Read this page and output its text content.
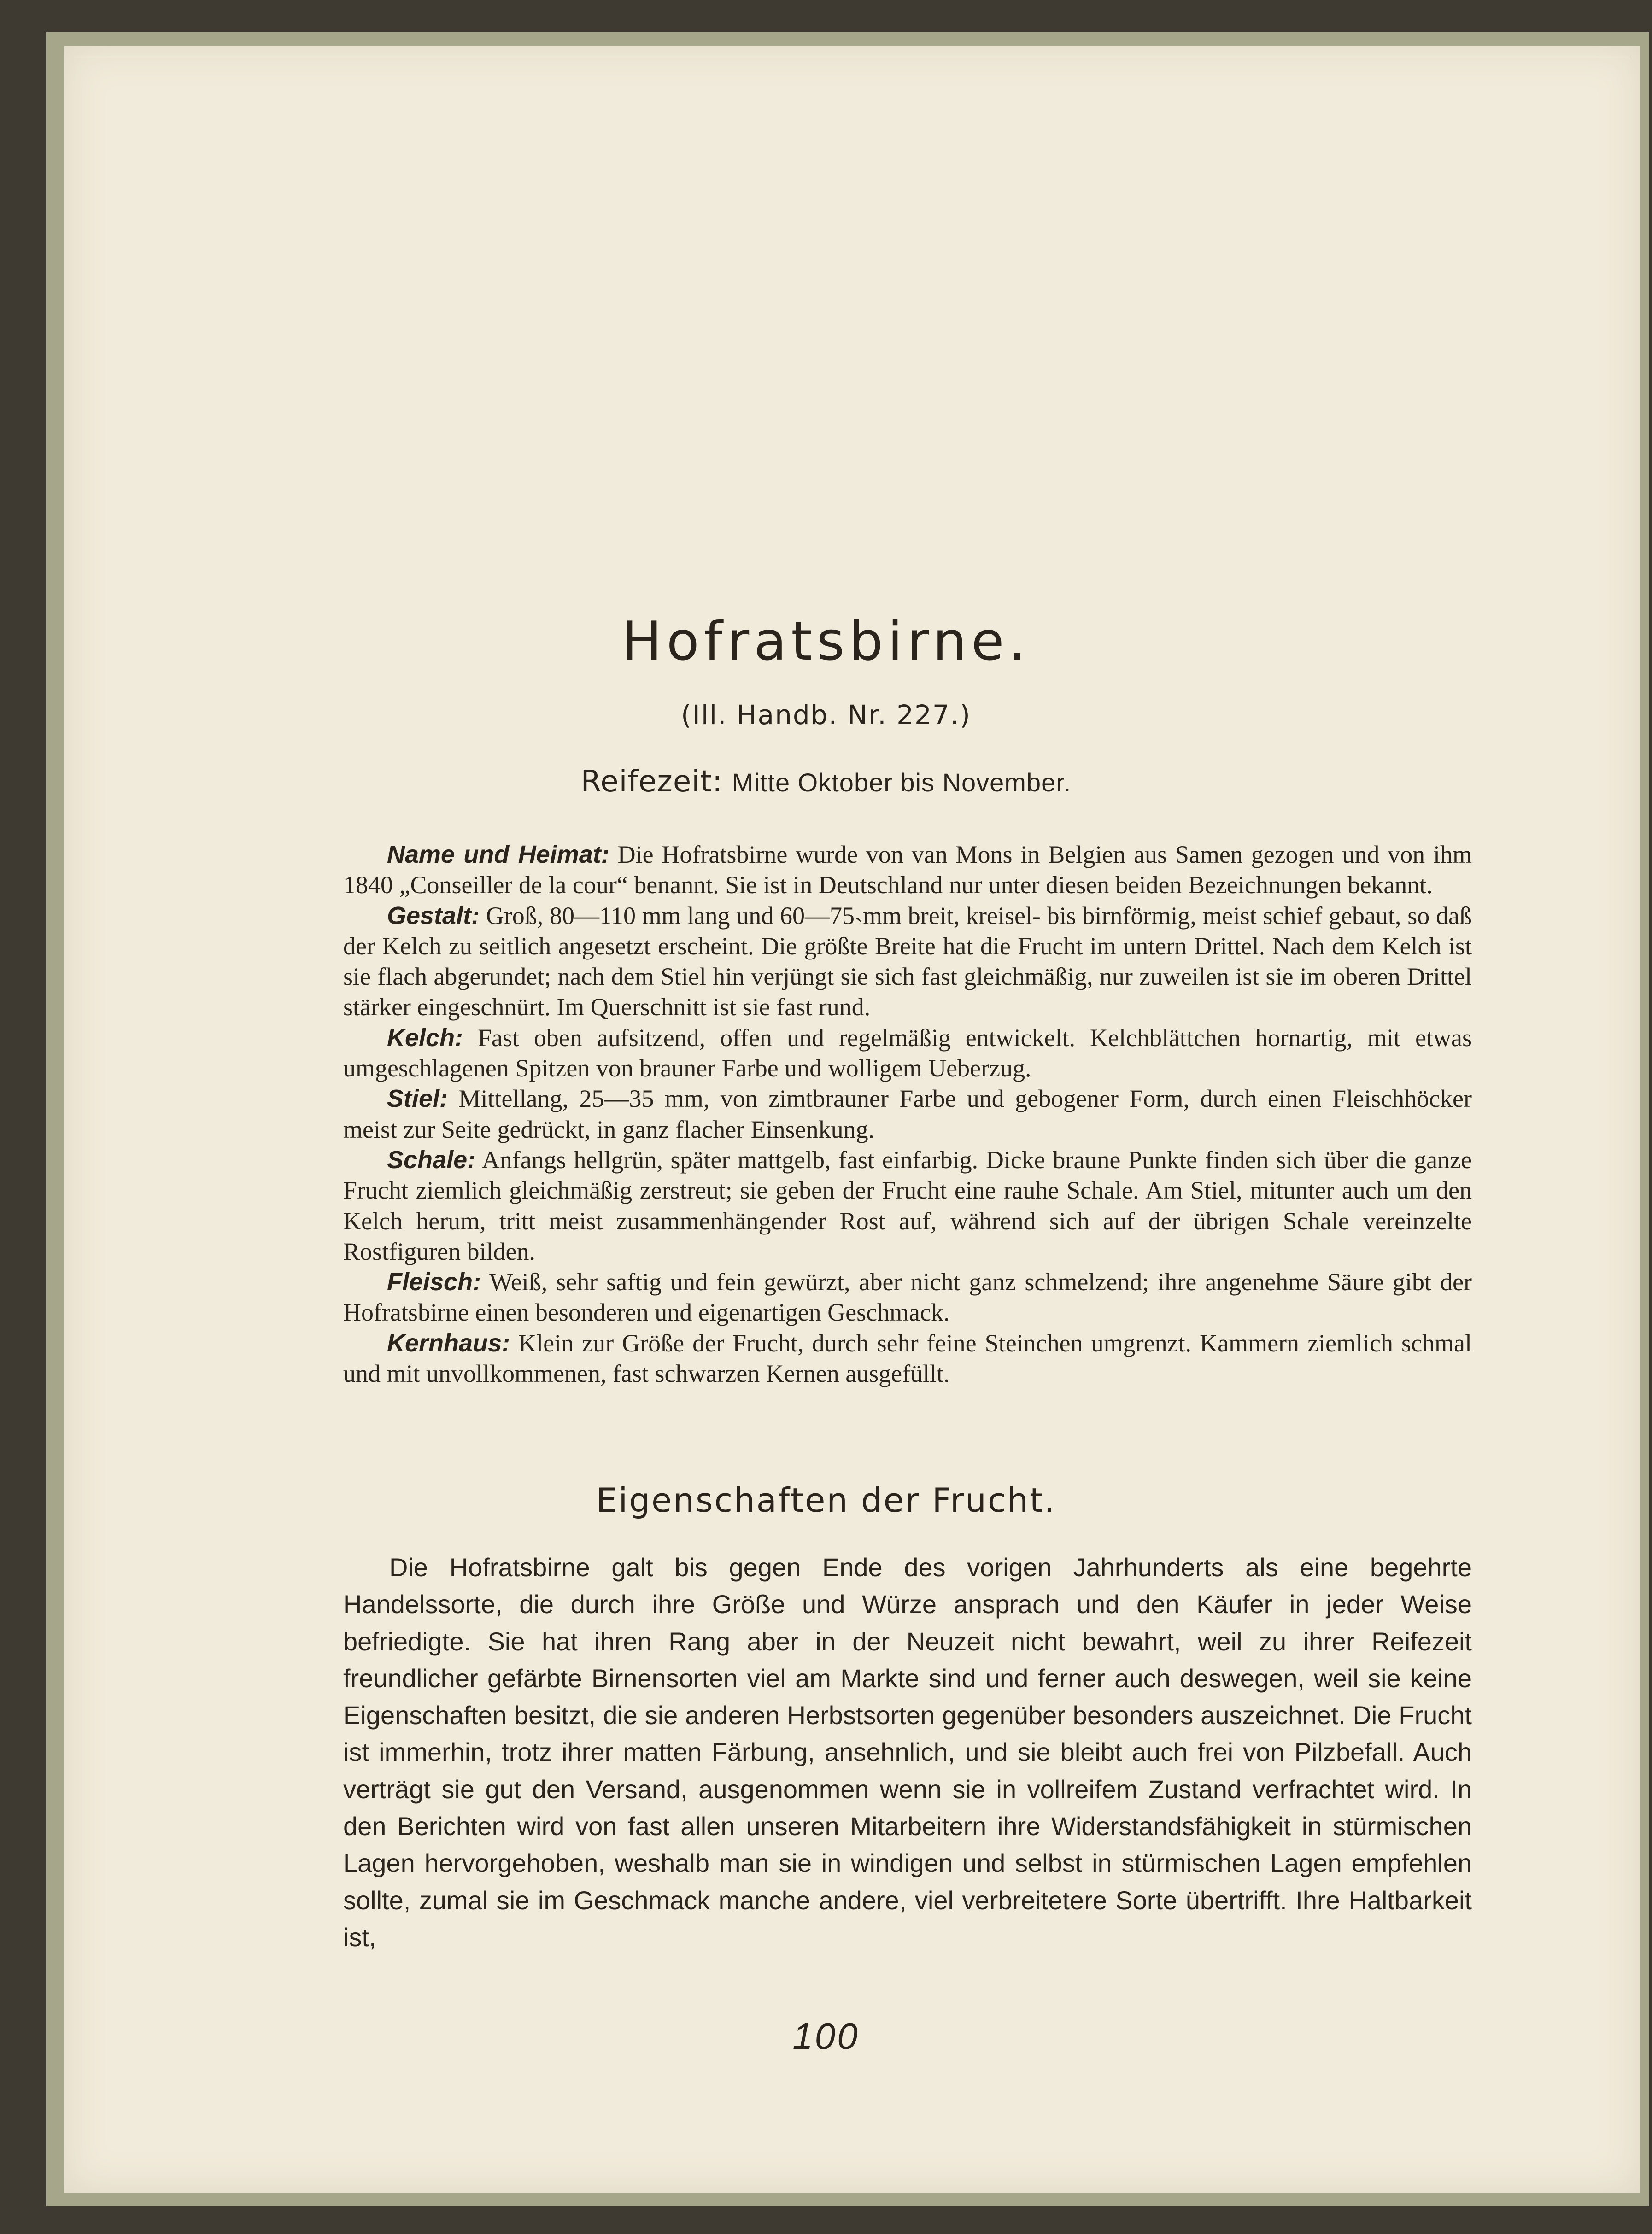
Hofratsbirne.
(Ill. Handb. Nr. 227.)
Reifezeit: Mitte Oktober bis November.

Name und Heimat: Die Hofratsbirne wurde von van Mons in Belgien aus Samen gezogen und von ihm 1840 „Conseiller de la cour“ benannt. Sie ist in Deutschland nur unter diesen beiden Bezeichnungen bekannt.

Gestalt: Groß, 80—110 mm lang und 60—75˴mm breit, kreisel- bis birnförmig, meist schief gebaut, so daß der Kelch zu seitlich angesetzt erscheint. Die größte Breite hat die Frucht im untern Drittel. Nach dem Kelch ist sie flach abgerundet; nach dem Stiel hin verjüngt sie sich fast gleichmäßig, nur zuweilen ist sie im oberen Drittel stärker eingeschnürt. Im Querschnitt ist sie fast rund.

Kelch: Fast oben aufsitzend, offen und regelmäßig entwickelt. Kelchblättchen hornartig, mit etwas umgeschlagenen Spitzen von brauner Farbe und wolligem Ueberzug.

Stiel: Mittellang, 25—35 mm, von zimtbrauner Farbe und gebogener Form, durch einen Fleischhöcker meist zur Seite gedrückt, in ganz flacher Einsenkung.

Schale: Anfangs hellgrün, später mattgelb, fast einfarbig. Dicke braune Punkte finden sich über die ganze Frucht ziemlich gleichmäßig zerstreut; sie geben der Frucht eine rauhe Schale. Am Stiel, mitunter auch um den Kelch herum, tritt meist zusammenhängender Rost auf, während sich auf der übrigen Schale vereinzelte Rostfiguren bilden.

Fleisch: Weiß, sehr saftig und fein gewürzt, aber nicht ganz schmelzend; ihre angenehme Säure gibt der Hofratsbirne einen besonderen und eigenartigen Geschmack.

Kernhaus: Klein zur Größe der Frucht, durch sehr feine Steinchen umgrenzt. Kammern ziemlich schmal und mit unvollkommenen, fast schwarzen Kernen ausgefüllt.

Eigenschaften der Frucht.

Die Hofratsbirne galt bis gegen Ende des vorigen Jahrhunderts als eine begehrte Handelssorte, die durch ihre Größe und Würze ansprach und den Käufer in jeder Weise befriedigte. Sie hat ihren Rang aber in der Neuzeit nicht bewahrt, weil zu ihrer Reifezeit freundlicher gefärbte Birnensorten viel am Markte sind und ferner auch deswegen, weil sie keine Eigenschaften besitzt, die sie anderen Herbstsorten gegenüber besonders auszeichnet. Die Frucht ist immerhin, trotz ihrer matten Färbung, ansehnlich, und sie bleibt auch frei von Pilzbefall. Auch verträgt sie gut den Versand, ausgenommen wenn sie in vollreifem Zustand verfrachtet wird. In den Berichten wird von fast allen unseren Mitarbeitern ihre Widerstandsfähigkeit in stürmischen Lagen hervorgehoben, weshalb man sie in windigen und selbst in stürmischen Lagen empfehlen sollte, zumal sie im Geschmack manche andere, viel verbreitetere Sorte übertrifft. Ihre Haltbarkeit ist,

100
